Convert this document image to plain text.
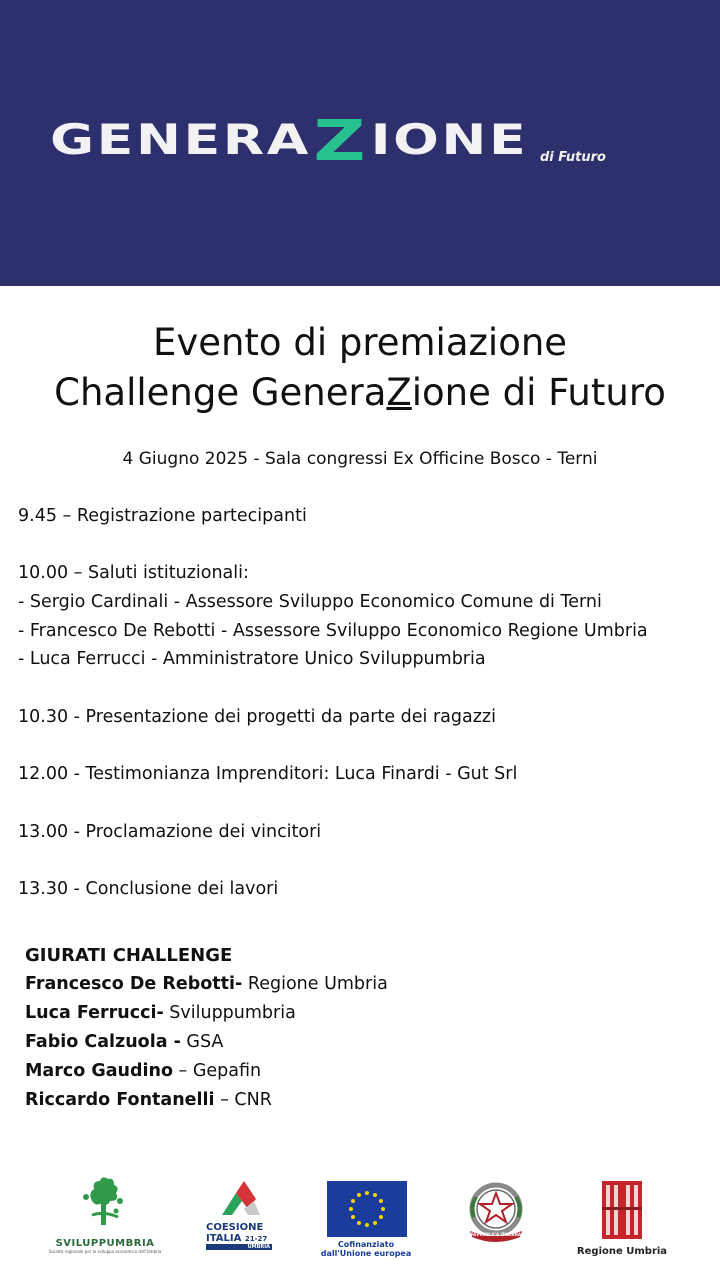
GENERAZIONE di Futuro
Evento di premiazione
Challenge GeneraZione di Futuro
4 Giugno 2025 - Sala congressi Ex Officine Bosco - Terni
9.45 – Registrazione partecipanti
10.00 – Saluti istituzionali:
- Sergio Cardinali - Assessore Sviluppo Economico Comune di Terni
- Francesco De Rebotti - Assessore Sviluppo Economico Regione Umbria
- Luca Ferrucci - Amministratore Unico Sviluppumbria
10.30 - Presentazione dei progetti da parte dei ragazzi
12.00 - Testimonianza Imprenditori: Luca Finardi - Gut Srl
13.00 - Proclamazione dei vincitori
13.30 - Conclusione dei lavori
GIURATI CHALLENGE
Francesco De Rebotti- Regione Umbria
Luca Ferrucci- Sviluppumbria
Fabio Calzuola - GSA
Marco Gaudino – Gepafin
Riccardo Fontanelli – CNR
SVILUPPUMBRIA
Società regionale per lo sviluppo economico dell'Umbria
COESIONE
ITALIA 21-27
UMBRIA	Cofinanziato
dall'Unione europea
REPUBBLICA ITALIANA
Regione Umbria
